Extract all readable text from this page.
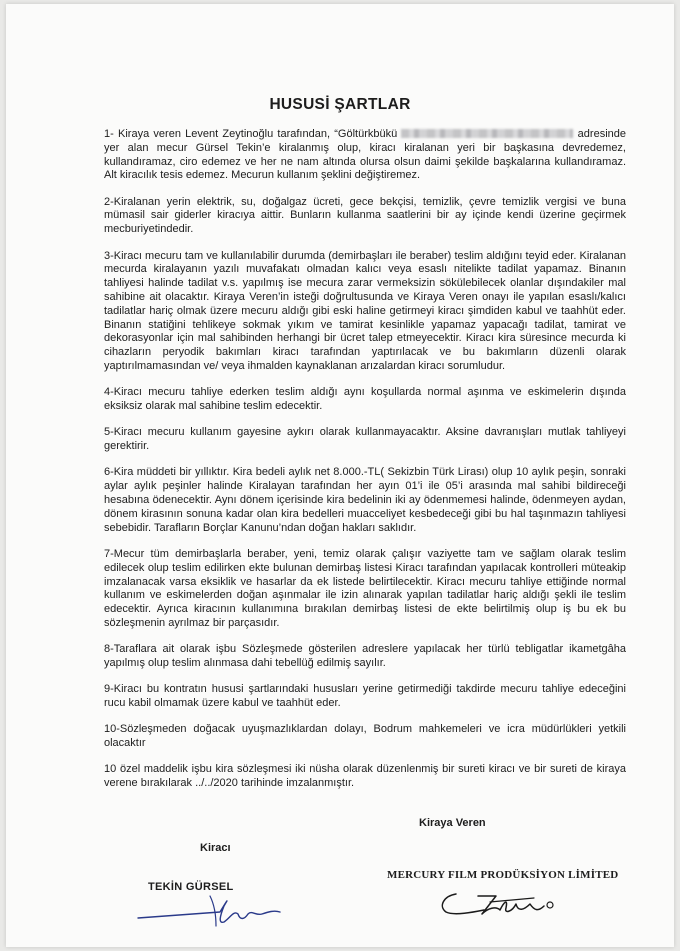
HUSUSİ ŞARTLAR

1- Kiraya veren Levent Zeytinoğlu tarafından, “Göltürkbükü	adresinde yer alan mecur Gürsel Tekin’e kiralanmış olup, kiracı kiralanan yeri bir başkasına devredemez, kullandıramaz, ciro edemez ve her ne nam altında olursa olsun daimi şekilde başkalarına kullandıramaz. Alt kiracılık tesis edemez. Mecurun kullanım şeklini değiştiremez.

2-Kiralanan yerin elektrik, su, doğalgaz ücreti, gece bekçisi, temizlik, çevre temizlik vergisi ve buna mümasil sair giderler kiracıya aittir. Bunların kullanma saatlerini bir ay içinde kendi üzerine geçirmek mecburiyetindedir.

3-Kiracı mecuru tam ve kullanılabilir durumda (demirbaşları ile beraber) teslim aldığını teyid eder. Kiralanan mecurda kiralayanın yazılı muvafakatı olmadan kalıcı veya esaslı nitelikte tadilat yapamaz. Binanın tahliyesi halinde tadilat v.s. yapılmış ise mecura zarar vermeksizin sökülebilecek olanlar dışındakiler mal sahibine ait olacaktır. Kiraya Veren’in isteği doğrultusunda ve Kiraya Veren onayı ile yapılan esaslı/kalıcı tadilatlar hariç olmak üzere mecuru aldığı gibi eski haline getirmeyi kiracı şimdiden kabul ve taahhüt eder. Binanın statiğini tehlikeye sokmak yıkım ve tamirat kesinlikle yapamaz yapacağı tadilat, tamirat ve dekorasyonlar için mal sahibinden herhangi bir ücret talep etmeyecektir. Kiracı kira süresince mecurda ki cihazların peryodik bakımları kiracı tarafından yaptırılacak ve bu bakımların düzenli olarak yaptırılmamasından ve/ veya ihmalden kaynaklanan arızalardan kiracı sorumludur.

4-Kiracı mecuru tahliye ederken teslim aldığı aynı koşullarda normal aşınma ve eskimelerin dışında eksiksiz olarak mal sahibine teslim edecektir.

5-Kiracı mecuru kullanım gayesine aykırı olarak kullanmayacaktır. Aksine davranışları mutlak tahliyeyi gerektirir.

6-Kira müddeti bir yıllıktır. Kira bedeli aylık net 8.000.-TL( Sekizbin Türk Lirası) olup 10 aylık peşin, sonraki aylar aylık peşinler halinde Kiralayan tarafından her ayın 01’i ile 05’i arasında mal sahibi bildireceği hesabına ödenecektir. Aynı dönem içerisinde kira bedelinin iki ay ödenmemesi halinde, ödenmeyen aydan, dönem kirasının sonuna kadar olan kira bedelleri muacceliyet kesbedeceği gibi bu hal taşınmazın tahliyesi sebebidir. Tarafların Borçlar Kanunu’ndan doğan hakları saklıdır.

7-Mecur tüm demirbaşlarla beraber, yeni, temiz olarak çalışır vaziyette tam ve sağlam olarak teslim edilecek olup teslim edilirken ekte bulunan demirbaş listesi Kiracı tarafından yapılacak kontrolleri müteakip imzalanacak varsa eksiklik ve hasarlar da ek listede belirtilecektir. Kiracı mecuru tahliye ettiğinde normal kullanım ve eskimelerden doğan aşınmalar ile izin alınarak yapılan tadilatlar hariç aldığı şekli ile teslim edecektir. Ayrıca kiracının kullanımına bırakılan demirbaş listesi de ekte belirtilmiş olup iş bu ek bu sözleşmenin ayrılmaz bir parçasıdır.

8-Taraflara ait olarak işbu Sözleşmede gösterilen adreslere yapılacak her türlü tebligatlar ikametgâha yapılmış olup teslim alınmasa dahi tebellüğ edilmiş sayılır.

9-Kiracı bu kontratın hususi şartlarındaki hususları yerine getirmediği takdirde mecuru tahliye edeceğini rucu kabil olmamak üzere kabul ve taahhüt eder.

10-Sözleşmeden doğacak uyuşmazlıklardan dolayı, Bodrum mahkemeleri ve icra müdürlükleri yetkili olacaktır

10 özel maddelik işbu kira sözleşmesi iki nüsha olarak düzenlenmiş bir sureti kiracı ve bir sureti de kiraya verene bırakılarak ../../2020 tarihinde imzalanmıştır.

Kiracı
Kiraya Veren
MERCURY FILM PRODÜKSİYON LİMİTED
TEKİN GÜRSEL
